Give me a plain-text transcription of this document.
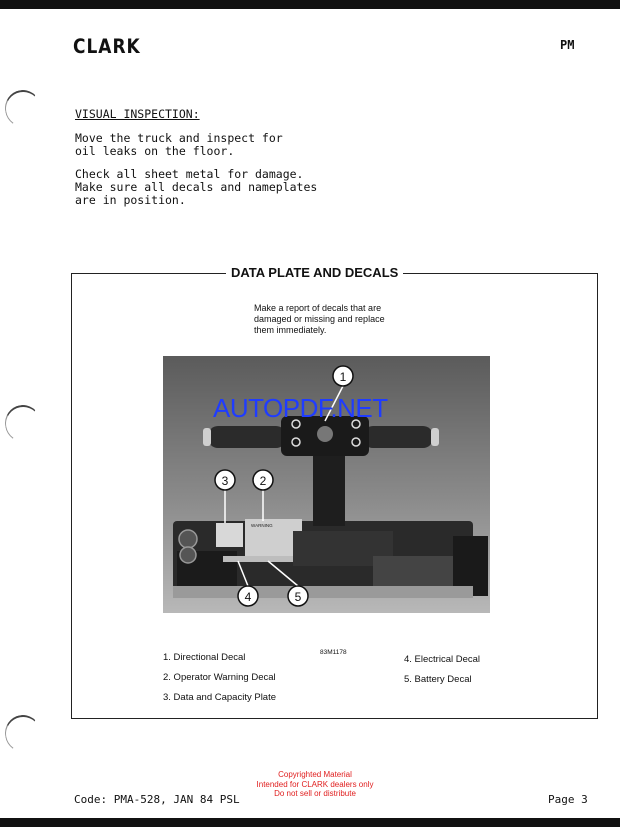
CLARK	PM
VISUAL INSPECTION:
Move the truck and inspect for
oil leaks on the floor.
Check all sheet metal for damage.
Make sure all decals and nameplates
are in position.
DATA PLATE AND DECALS
Make a report of decals that are damaged or missing and replace them immediately.
WARNING
1
2
3
4	5
AUTOPDF.NET
83M1178
1. Directional Decal
2. Operator Warning Decal
3. Data and Capacity Plate
4. Electrical Decal
5. Battery Decal
Code: PMA-528, JAN 84 PSL
Copyrighted Material
Intended for CLARK dealers only
Do not sell or distribute	Page 3
